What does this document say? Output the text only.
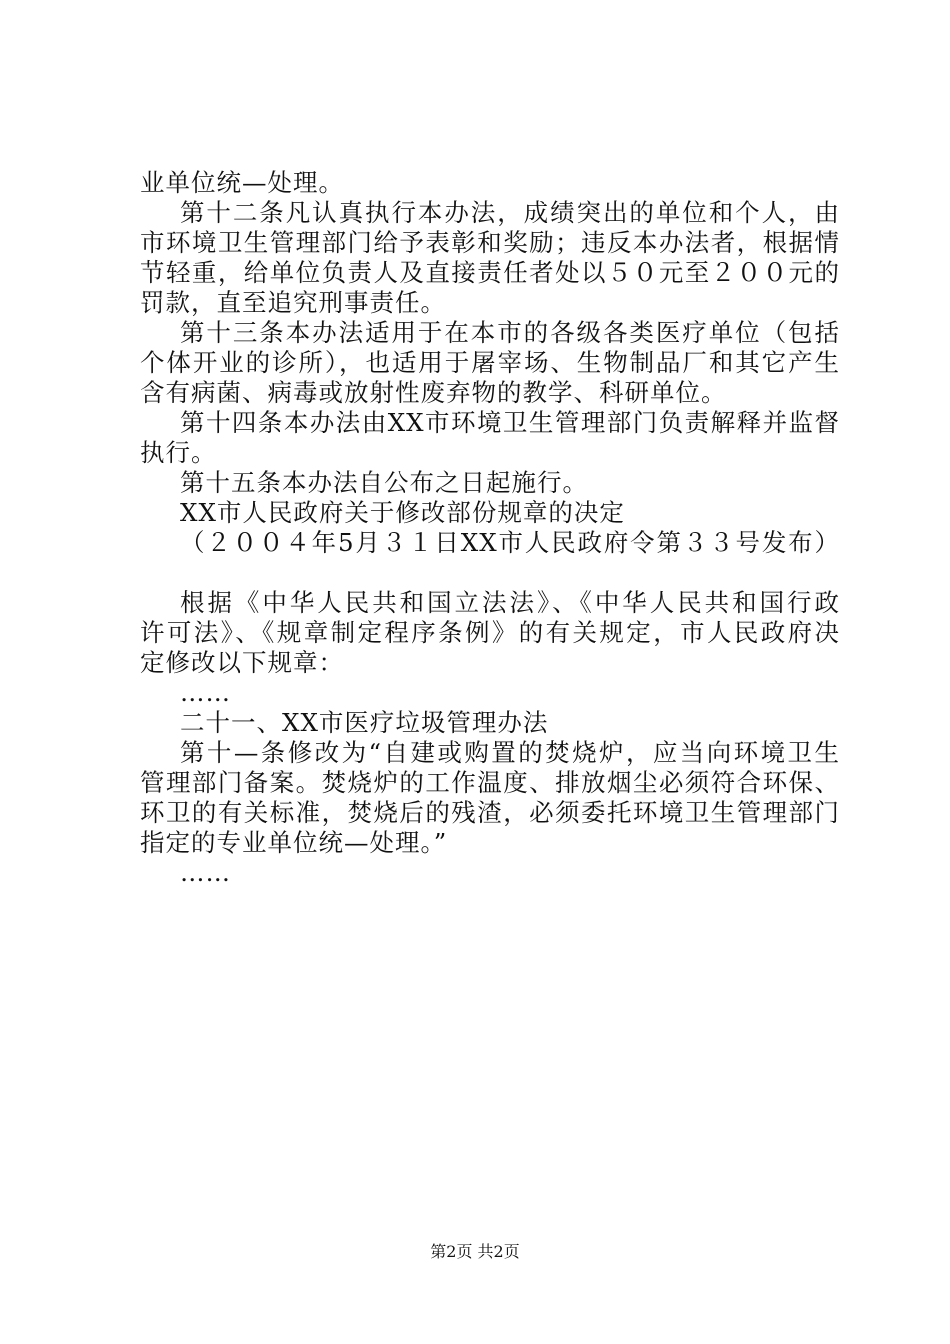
业单位统—处理。
第十二条凡认真执行本办法，成绩突出的单位和个人，由
市环境卫生管理部门给予表彰和奖励；违反本办法者，根据情
节轻重，给单位负责人及直接责任者处以５０元至２００元的
罚款，直至追究刑事责任。
第十三条本办法适用于在本市的各级各类医疗单位（包括
个体开业的诊所），也适用于屠宰场、生物制品厂和其它产生
含有病菌、病毒或放射性废弃物的教学、科研单位。
第十四条本办法由XX市环境卫生管理部门负责解释并监督
执行。
第十五条本办法自公布之日起施行。
XX市人民政府关于修改部份规章的决定
（２００４年5月３１日XX市人民政府令第３３号发布）
根据《中华人民共和国立法法》、《中华人民共和国行政
许可法》、《规章制定程序条例》的有关规定，市人民政府决
定修改以下规章：
……
二十一、XX市医疗垃圾管理办法
第十—条修改为“自建或购置的焚烧炉，应当向环境卫生
管理部门备案。焚烧炉的工作温度、排放烟尘必须符合环保、
环卫的有关标准，焚烧后的残渣，必须委托环境卫生管理部门
指定的专业单位统—处理。”
……
第2页 共2页
